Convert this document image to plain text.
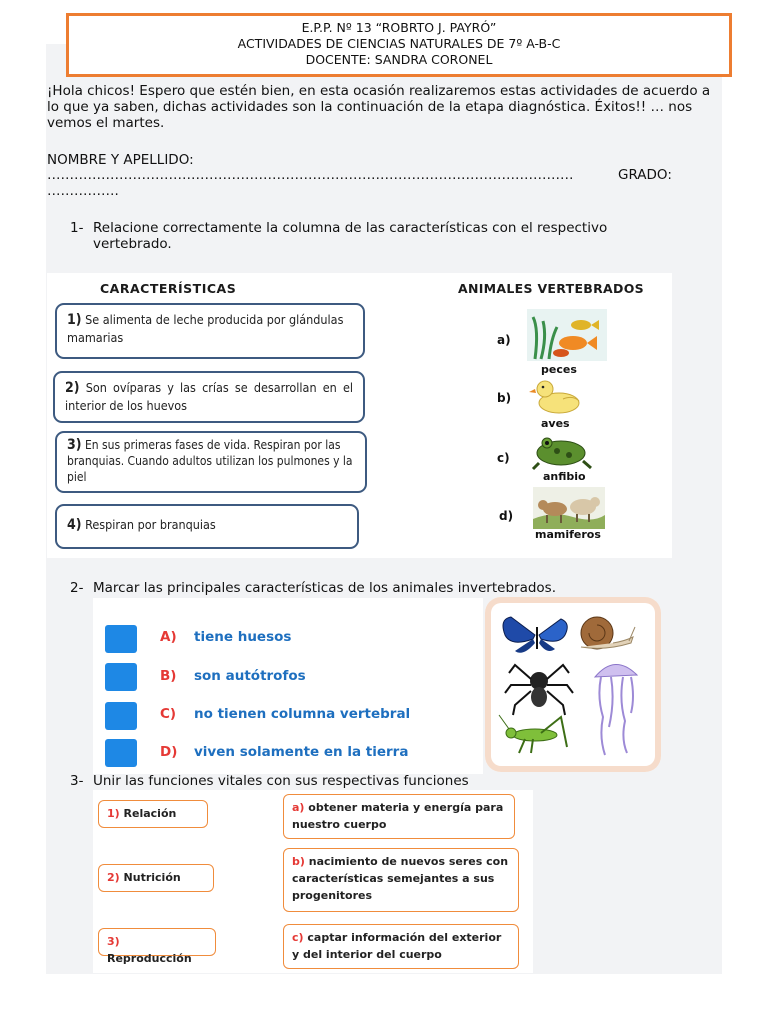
E.P.P. Nº 13 “ROBRTO J. PAYRÓ”
ACTIVIDADES DE CIENCIAS NATURALES DE 7º A-B-C
DOCENTE: SANDRA CORONEL
¡Hola chicos! Espero que estén bien, en esta ocasión realizaremos estas actividades de acuerdo a lo que ya saben, dichas actividades son la continuación de la etapa diagnóstica. Éxitos!! … nos vemos el martes.
NOMBRE Y APELLIDO:
………………………………………………………………………………………………………	GRADO:
…………….
1- Relacione correctamente la columna de las características con el respectivo vertebrado.
CARACTERÍSTICAS	ANIMALES VERTEBRADOS
1) Se alimenta de leche producida por glándulas mamarias
2) Son ovíparas y las crías se desarrollan en el interior de los huevos
3) En sus primeras fases de vida. Respiran por las branquias. Cuando adultos utilizan los pulmones y la piel
4) Respiran por branquias
a)
peces
b)
aves
c)
anfibio
d)
mamiferos
2- Marcar las principales características de los animales invertebrados.
A) tiene huesos
B) son autótrofos
C) no tienen columna vertebral
D) viven solamente en la tierra
3- Unir las funciones vitales con sus respectivas funciones
1) Relación
2) Nutrición
3) Reproducción
a) obtener materia y energía para nuestro cuerpo
b) nacimiento de nuevos seres con características semejantes a sus progenitores
c) captar información del exterior y del interior del cuerpo
